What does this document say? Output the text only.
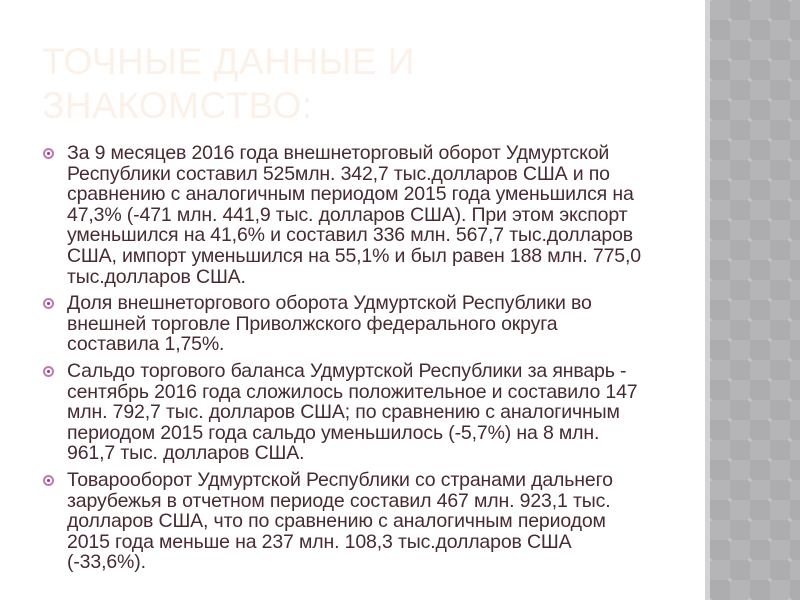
ТОЧНЫЕ ДАННЫЕ И ЗНАКОМСТВО:
За 9 месяцев 2016 года внешнеторговый оборот Удмуртской Республики составил 525млн. 342,7 тыс.долларов США и по сравнению с аналогичным периодом 2015 года уменьшился на 47,3% (-471 млн. 441,9 тыс. долларов США). При этом экспорт уменьшился на 41,6% и составил 336 млн. 567,7 тыс.долларов США, импорт уменьшился на 55,1% и был равен 188 млн. 775,0 тыс.долларов США.
Доля внешнеторгового оборота Удмуртской Республики во внешней торговле Приволжского федерального округа составила 1,75%.
Сальдо торгового баланса Удмуртской Республики за январь - сентябрь 2016 года сложилось положительное и составило 147 млн. 792,7 тыс. долларов США; по сравнению с аналогичным периодом 2015 года сальдо уменьшилось (-5,7%) на 8 млн. 961,7 тыс. долларов США.
Товарооборот Удмуртской Республики со странами дальнего зарубежья в отчетном периоде составил 467 млн. 923,1 тыс. долларов США, что по сравнению с аналогичным периодом 2015 года меньше на 237 млн. 108,3 тыс.долларов США (-33,6%).
